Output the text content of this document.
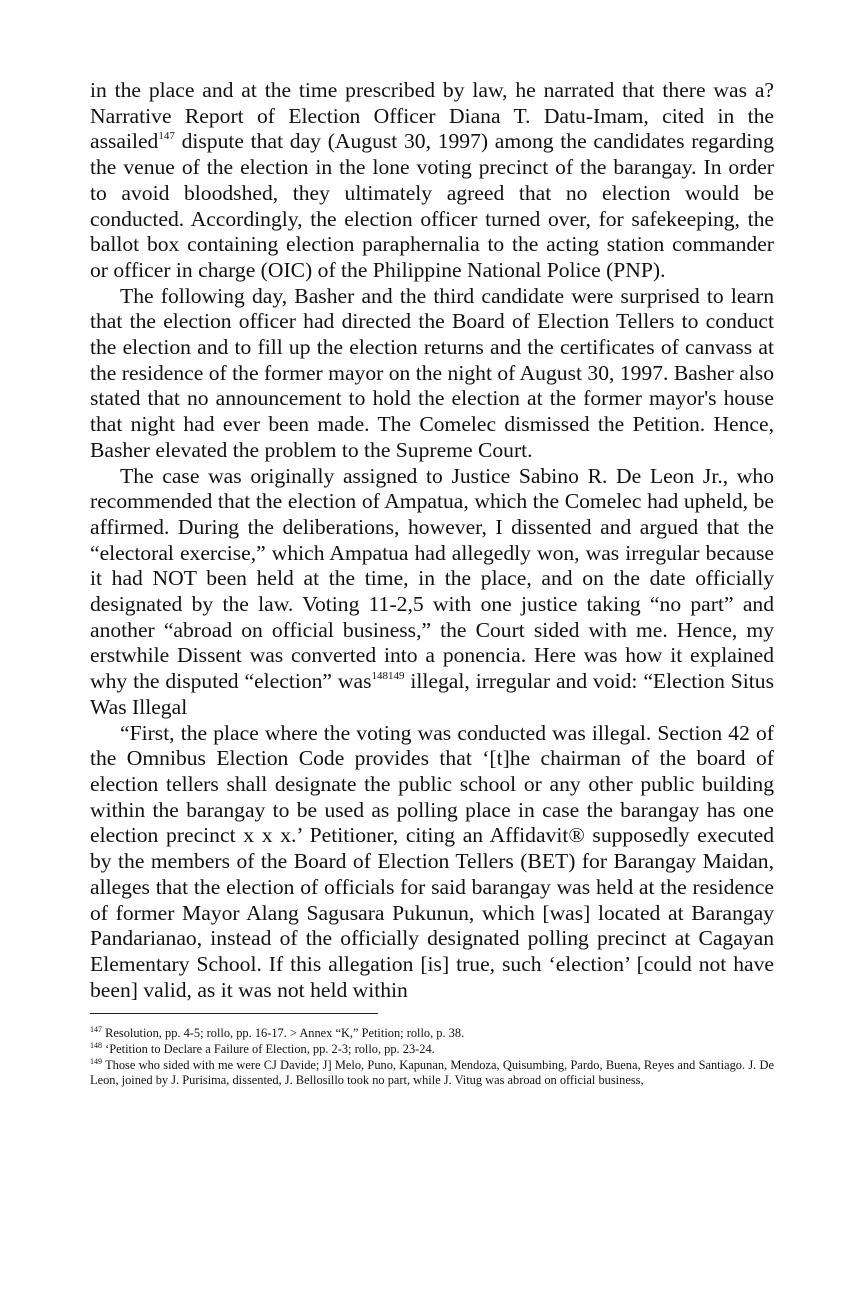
in the place and at the time prescribed by law, he narrated that there was a? Narrative Report of Election Officer Diana T. Datu-Imam, cited in the assailed$^{147}$ dispute that day (August 30, 1997) among the candidates regarding the venue of the election in the lone voting precinct of the barangay. In order to avoid bloodshed, they ultimately agreed that no election would be conducted. Accordingly, the election officer turned over, for safekeeping, the ballot box containing election paraphernalia to the acting station commander or officer in charge (OIC) of the Philippine National Police (PNP).

The following day, Basher and the third candidate were surprised to learn that the election officer had directed the Board of Election Tellers to conduct the election and to fill up the election returns and the certificates of canvass at the residence of the former mayor on the night of August 30, 1997. Basher also stated that no announcement to hold the election at the former mayor's house that night had ever been made. The Comelec dismissed the Petition. Hence, Basher elevated the problem to the Supreme Court.

The case was originally assigned to Justice Sabino R. De Leon Jr., who recommended that the election of Ampatua, which the Comelec had upheld, be affirmed. During the deliberations, however, I dissented and argued that the “electoral exercise,” which Ampatua had allegedly won, was irregular because it had NOT been held at the time, in the place, and on the date officially designated by the law. Voting 11-2,5 with one justice taking “no part” and another “abroad on official business,” the Court sided with me. Hence, my erstwhile Dissent was converted into a ponencia. Here was how it explained why the disputed “election” was$^{148149}$ illegal, irregular and void: “Election Situs Was Illegal

“First, the place where the voting was conducted was illegal. Section 42 of the Omnibus Election Code provides that ‘[t]he chairman of the board of election tellers shall designate the public school or any other public building within the barangay to be used as polling place in case the barangay has one election precinct x x x.’ Petitioner, citing an Affidavit® supposedly executed by the members of the Board of Election Tellers (BET) for Barangay Maidan, alleges that the election of officials for said barangay was held at the residence of former Mayor Alang Sagusara Pukunun, which [was] located at Barangay Pandarianao, instead of the officially designated polling precinct at Cagayan Elementary School. If this allegation [is] true, such ‘election’ [could not have been] valid, as it was not held within

$^{147}$ Resolution, pp. 4-5; rollo, pp. 16-17. > Annex “K,” Petition; rollo, p. 38.

$^{148}$ ‘Petition to Declare a Failure of Election, pp. 2-3; rollo, pp. 23-24.

$^{149}$ Those who sided with me were CJ Davide; J] Melo, Puno, Kapunan, Mendoza, Quisumbing, Pardo, Buena, Reyes and Santiago. J. De Leon, joined by J. Purisima, dissented, J. Bellosillo took no part, while J. Vitug was abroad on official business,
